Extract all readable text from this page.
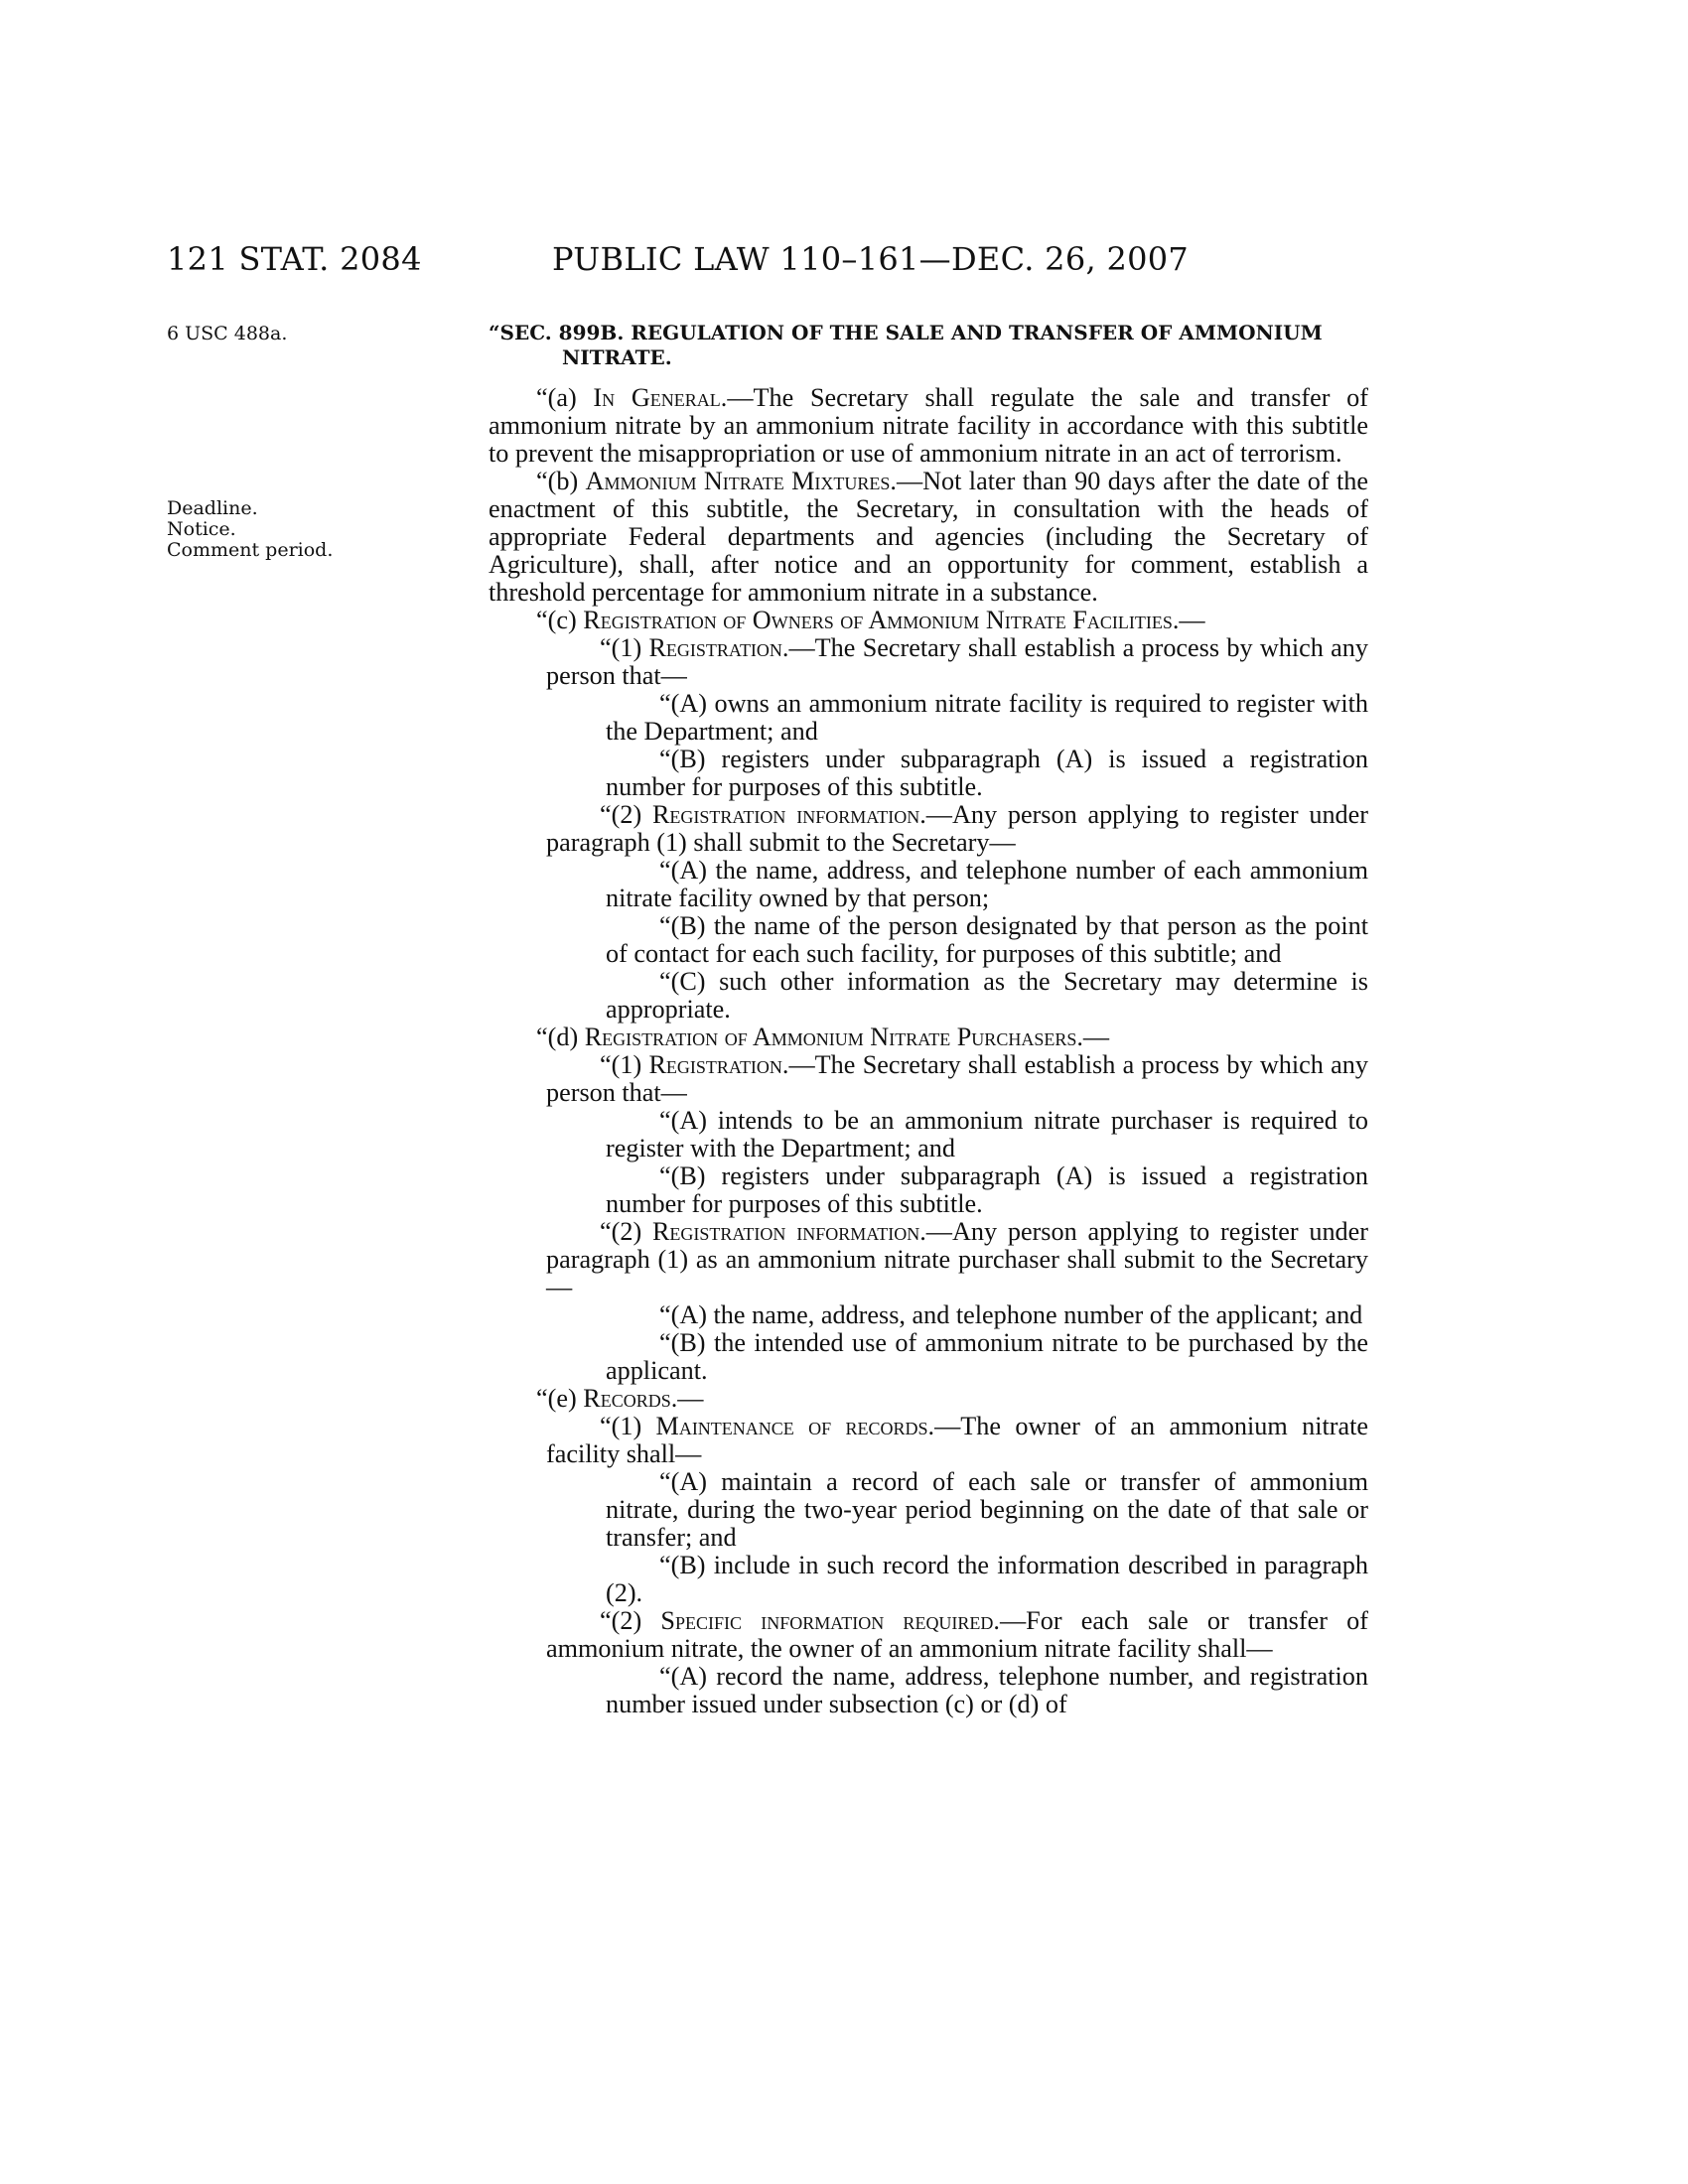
121 STAT. 2084	PUBLIC LAW 110–161—DEC. 26, 2007
6 USC 488a.
Deadline.
Notice.
Comment period.
“SEC. 899B. REGULATION OF THE SALE AND TRANSFER OF AMMONIUM
NITRATE.

“(a) In General.—The Secretary shall regulate the sale and transfer of ammonium nitrate by an ammonium nitrate facility in accordance with this subtitle to prevent the misappropriation or use of ammonium nitrate in an act of terrorism.

“(b) Ammonium Nitrate Mixtures.—Not later than 90 days after the date of the enactment of this subtitle, the Secretary, in consultation with the heads of appropriate Federal departments and agencies (including the Secretary of Agriculture), shall, after notice and an opportunity for comment, establish a threshold percentage for ammonium nitrate in a substance.

“(c) Registration of Owners of Ammonium Nitrate Facilities.—

“(1) Registration.—The Secretary shall establish a process by which any person that—

“(A) owns an ammonium nitrate facility is required to register with the Department; and

“(B) registers under subparagraph (A) is issued a registration number for purposes of this subtitle.

“(2) Registration information.—Any person applying to register under paragraph (1) shall submit to the Secretary—

“(A) the name, address, and telephone number of each ammonium nitrate facility owned by that person;

“(B) the name of the person designated by that person as the point of contact for each such facility, for purposes of this subtitle; and

“(C) such other information as the Secretary may determine is appropriate.

“(d) Registration of Ammonium Nitrate Purchasers.—

“(1) Registration.—The Secretary shall establish a process by which any person that—

“(A) intends to be an ammonium nitrate purchaser is required to register with the Department; and

“(B) registers under subparagraph (A) is issued a registration number for purposes of this subtitle.

“(2) Registration information.—Any person applying to register under paragraph (1) as an ammonium nitrate purchaser shall submit to the Secretary—

“(A) the name, address, and telephone number of the applicant; and

“(B) the intended use of ammonium nitrate to be purchased by the applicant.

“(e) Records.—

“(1) Maintenance of records.—The owner of an ammonium nitrate facility shall—

“(A) maintain a record of each sale or transfer of ammonium nitrate, during the two-year period beginning on the date of that sale or transfer; and

“(B) include in such record the information described in paragraph (2).

“(2) Specific information required.—For each sale or transfer of ammonium nitrate, the owner of an ammonium nitrate facility shall—

“(A) record the name, address, telephone number, and registration number issued under subsection (c) or (d) of
